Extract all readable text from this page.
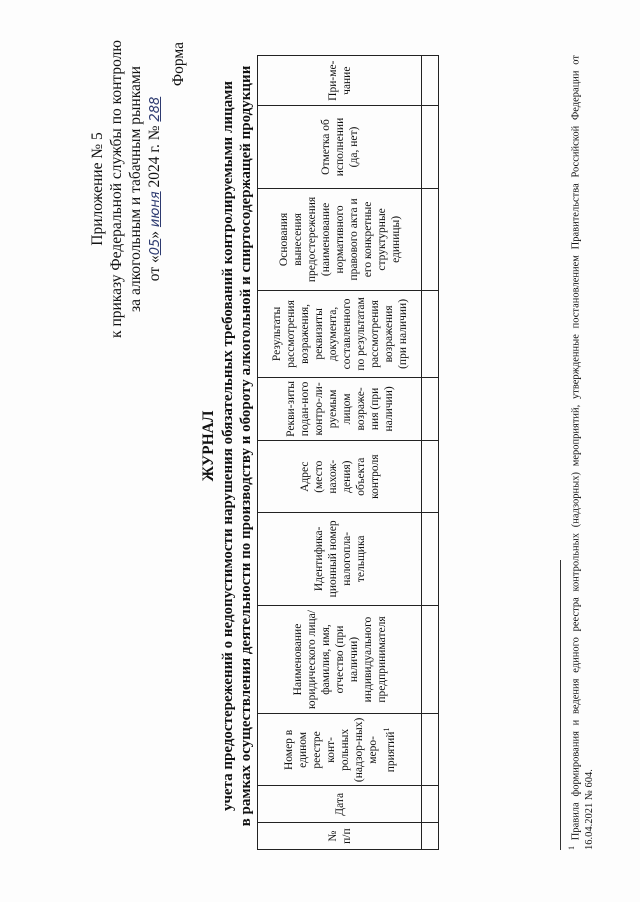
Приложение № 5 к приказу Федеральной службы по контролю за алкогольным и табачным рынками от «05» июня 2024 г. № 288
Форма
ЖУРНАЛ учета предостережений о недопустимости нарушения обязательных требований контролируемыми лицами в рамках осуществления деятельности по производству и обороту алкогольной и спиртосодержащей продукции
№ п/п	Дата	Номер в едином реестре конт-рольных (надзор-ных) меро-приятий$^1$	Наименование юридического лица/фамилия, имя, отчество (при наличии) индивидуального предпринимателя	Идентифика-ционный номер налогопла-тельщика	Адрес (место нахож-дения) объекта контроля	Рекви-зиты подан-ного контро-ли-руемым лицом возраже-ния (при наличии)	Результаты рассмотрения возражения, реквизиты документа, составленного по результатам рассмотрения возражения (при наличии)	Основания вынесения предостережения (наименование нормативного правового акта и его конкретные структурные единицы)	Отметка об исполнении (да, нет)	При-ме-чание

$^1$ Правила формирования и ведения единого реестра контрольных (надзорных) мероприятий, утвержденные постановлением Правительства Российской Федерации от 16.04.2021 № 604.
